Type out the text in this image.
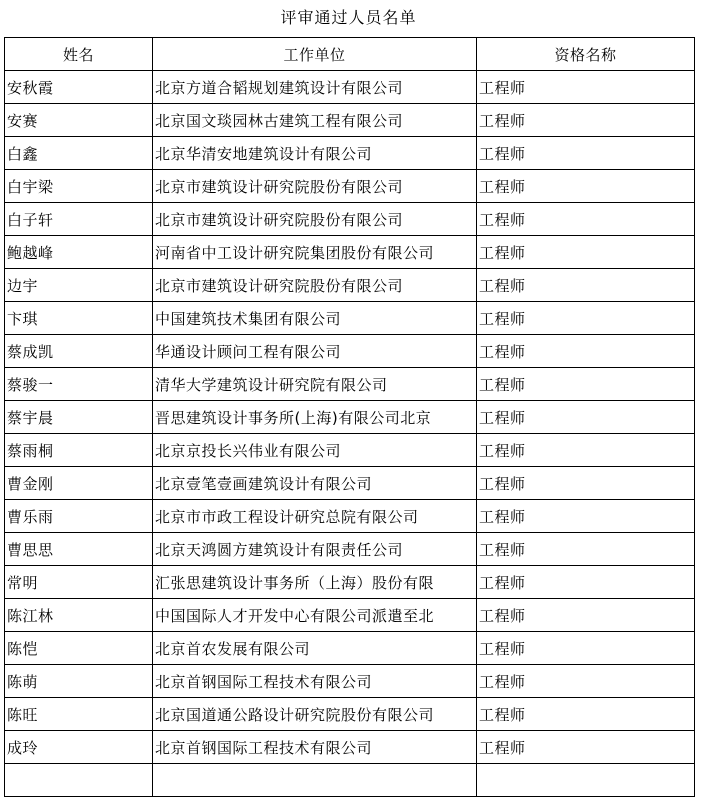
评审通过人员名单
姓名	工作单位	资格名称
安秋霞	北京方道合韬规划建筑设计有限公司	工程师
安赛	北京国文琰园林古建筑工程有限公司	工程师
白鑫	北京华清安地建筑设计有限公司	工程师
白宇梁	北京市建筑设计研究院股份有限公司	工程师
白子轩	北京市建筑设计研究院股份有限公司	工程师
鲍越峰	河南省中工设计研究院集团股份有限公司	工程师
边宇	北京市建筑设计研究院股份有限公司	工程师
卞琪	中国建筑技术集团有限公司	工程师
蔡成凯	华通设计顾问工程有限公司	工程师
蔡骏一	清华大学建筑设计研究院有限公司	工程师
蔡宇晨	晋思建筑设计事务所(上海)有限公司北京	工程师
蔡雨桐	北京京投长兴伟业有限公司	工程师
曹金刚	北京壹笔壹画建筑设计有限公司	工程师
曹乐雨	北京市市政工程设计研究总院有限公司	工程师
曹思思	北京天鸿圆方建筑设计有限责任公司	工程师
常明	汇张思建筑设计事务所（上海）股份有限	工程师
陈江林	中国国际人才开发中心有限公司派遣至北	工程师
陈恺	北京首农发展有限公司	工程师
陈萌	北京首钢国际工程技术有限公司	工程师
陈旺	北京国道通公路设计研究院股份有限公司	工程师
成玲	北京首钢国际工程技术有限公司	工程师
